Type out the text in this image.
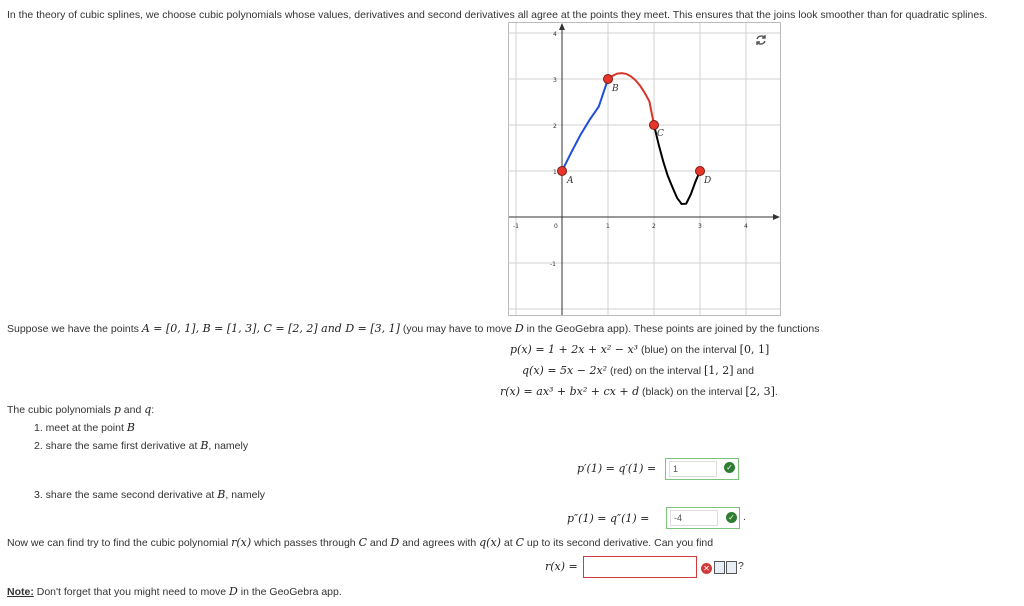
In the theory of cubic splines, we choose cubic polynomials whose values, derivatives and second derivatives all agree at the points they meet. This ensures that the joins look smoother than for quadratic splines.
-1	0	1	2	3	4
4
3
2
1
-1
A
B
C
D
Suppose we have the points A = [0, 1], B = [1, 3], C = [2, 2] and D = [3, 1] (you may have to move D in the GeoGebra app). These points are joined by the functions
p(x) = 1 + 2x + x² − x³ (blue) on the interval [0, 1]
q(x) = 5x − 2x² (red) on the interval [1, 2] and
r(x) = ax³ + bx² + cx + d (black) on the interval [2, 3].
The cubic polynomials p and q:
1. meet at the point B
2. share the same first derivative at B, namely
p′(1) = q′(1) =
1	✓
3. share the same second derivative at B, namely
p″(1) = q″(1) =
-4	✓ .
Now we can find try to find the cubic polynomial r(x) which passes through C and D and agrees with q(x) at C up to its second derivative. Can you find
r(x) =	✕	?
Note: Don't forget that you might need to move D in the GeoGebra app.
